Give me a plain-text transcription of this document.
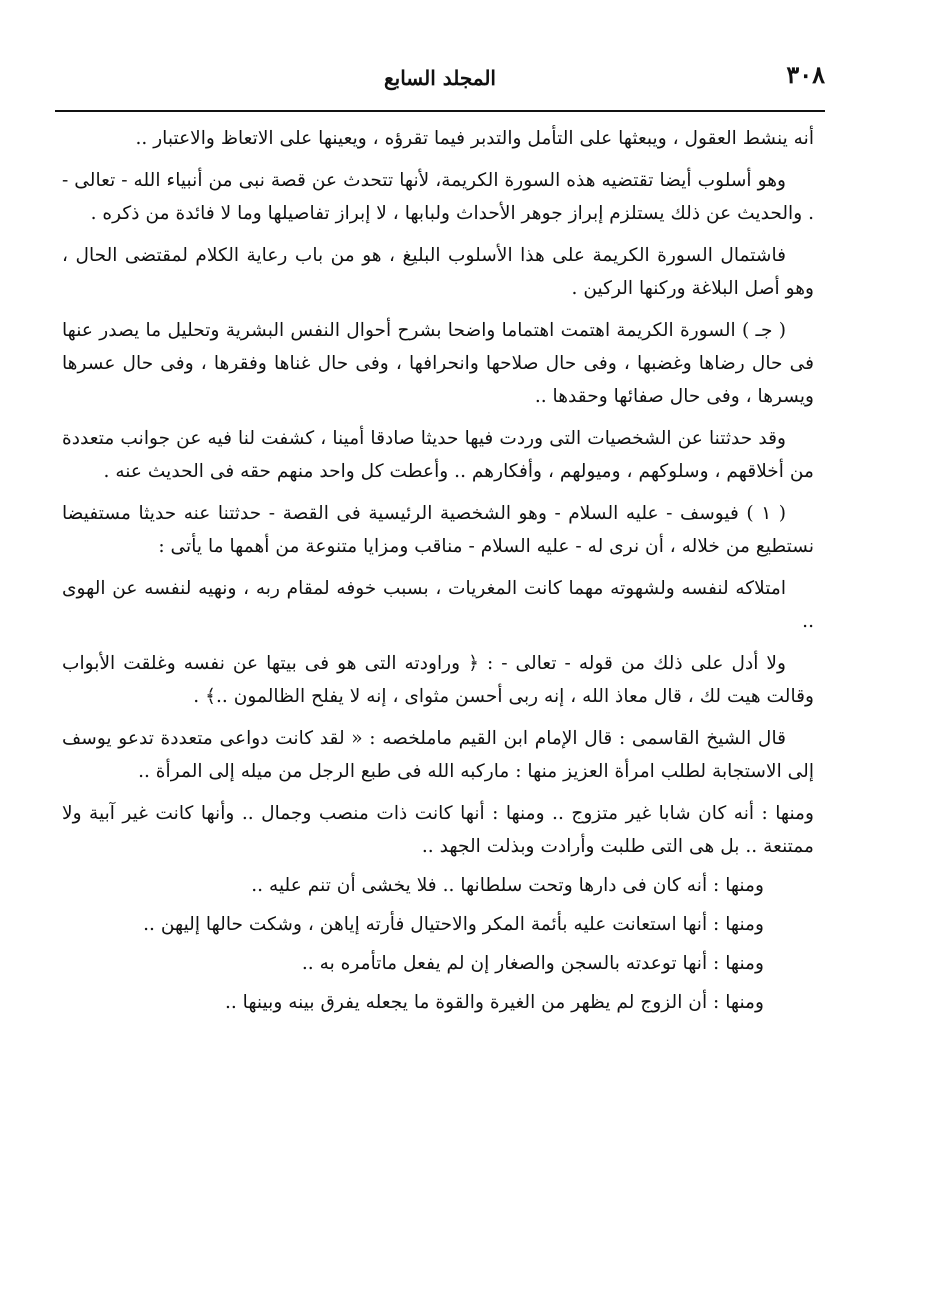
٣٠٨
المجلد السابع

أنه ينشط العقول ، ويبعثها على التأمل والتدبر فيما تقرؤه ، ويعينها على الاتعاظ والاعتبار ..

وهو أسلوب أيضا تقتضيه هذه السورة الكريمة، لأنها تتحدث عن قصة نبى من أنبياء الله - تعالى - . والحديث عن ذلك يستلزم إبراز جوهر الأحداث ولبابها ، لا إبراز تفاصيلها وما لا فائدة من ذكره .

فاشتمال السورة الكريمة على هذا الأسلوب البليغ ، هو من باب رعاية الكلام لمقتضى الحال ، وهو أصل البلاغة وركنها الركين .

( جـ ) السورة الكريمة اهتمت اهتماما واضحا بشرح أحوال النفس البشرية وتحليل ما يصدر عنها فى حال رضاها وغضبها ، وفى حال صلاحها وانحرافها ، وفى حال غناها وفقرها ، وفى حال عسرها ويسرها ، وفى حال صفائها وحقدها ..

وقد حدثتنا عن الشخصيات التى وردت فيها حديثا صادقا أمينا ، كشفت لنا فيه عن جوانب متعددة من أخلاقهم ، وسلوكهم ، وميولهم ، وأفكارهم .. وأعطت كل واحد منهم حقه فى الحديث عنه .

( ١ ) فيوسف - عليه السلام - وهو الشخصية الرئيسية فى القصة - حدثتنا عنه حديثا مستفيضا نستطيع من خلاله ، أن نرى له - عليه السلام - مناقب ومزايا متنوعة من أهمها ما يأتى :

امتلاكه لنفسه ولشهوته مهما كانت المغريات ، بسبب خوفه لمقام ربه ، ونهيه لنفسه عن الهوى ..

ولا أدل على ذلك من قوله - تعالى - : ﴿ وراودته التى هو فى بيتها عن نفسه وغلقت الأبواب وقالت هيت لك ، قال معاذ الله ، إنه ربى أحسن مثواى ، إنه لا يفلح الظالمون ..﴾ .

قال الشيخ القاسمى : قال الإمام ابن القيم ماملخصه : « لقد كانت دواعى متعددة تدعو يوسف إلى الاستجابة لطلب امرأة العزيز منها : ماركبه الله فى طبع الرجل من ميله إلى المرأة ..

ومنها : أنه كان شابا غير متزوج .. ومنها : أنها كانت ذات منصب وجمال .. وأنها كانت غير آبية ولا ممتنعة .. بل هى التى طلبت وأرادت وبذلت الجهد ..

ومنها : أنه كان فى دارها وتحت سلطانها .. فلا يخشى أن تنم عليه ..

ومنها : أنها استعانت عليه بأئمة المكر والاحتيال فأرته إياهن ، وشكت حالها إليهن ..

ومنها : أنها توعدته بالسجن والصغار إن لم يفعل ماتأمره به ..

ومنها : أن الزوج لم يظهر من الغيرة والقوة ما يجعله يفرق بينه وبينها ..
